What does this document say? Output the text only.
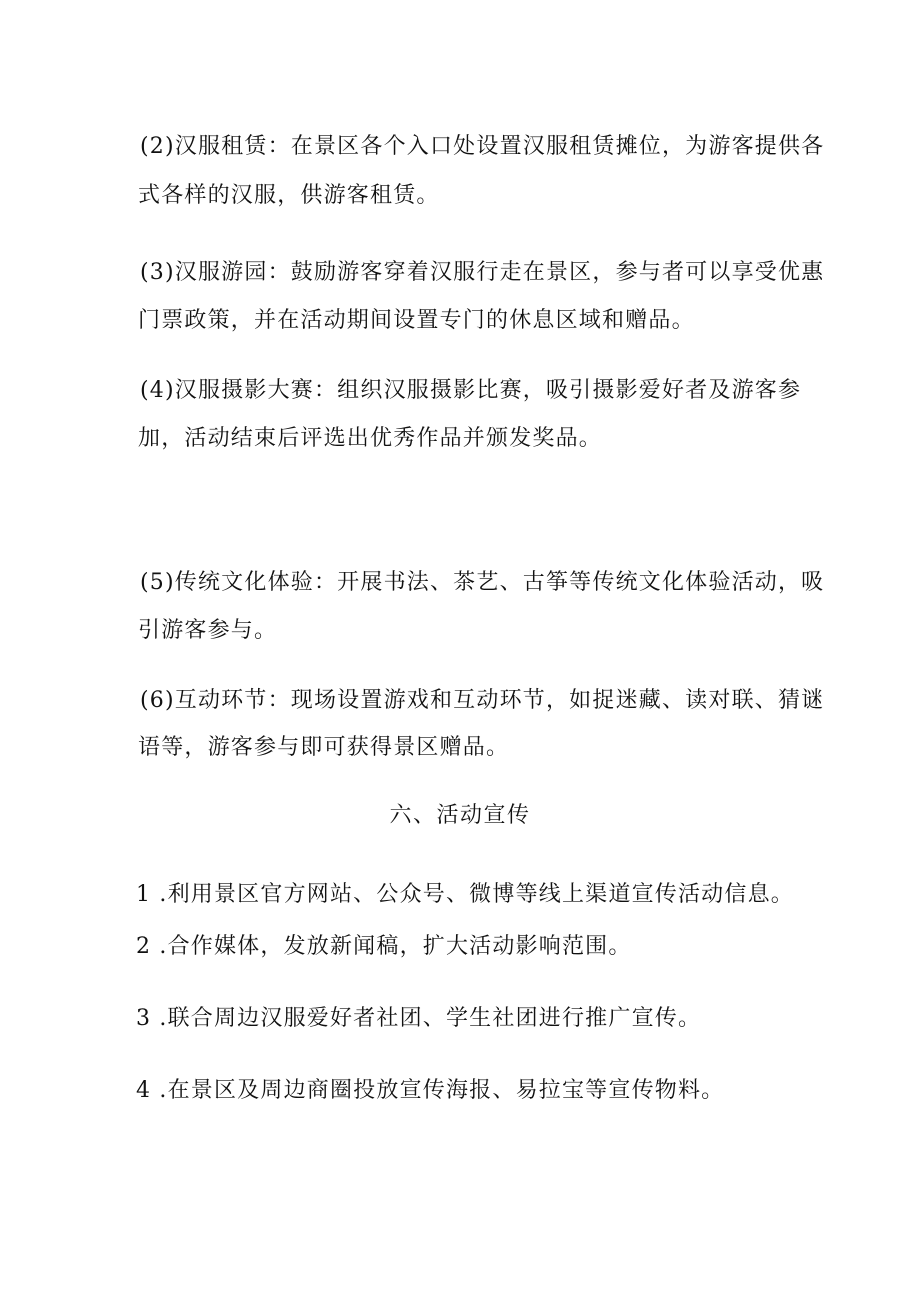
(2)汉服租赁：在景区各个入口处设置汉服租赁摊位，为游客提供各
式各样的汉服，供游客租赁。
(3)汉服游园：鼓励游客穿着汉服行走在景区，参与者可以享受优惠
门票政策，并在活动期间设置专门的休息区域和赠品。
(4)汉服摄影大赛：组织汉服摄影比赛，吸引摄影爱好者及游客参
加，活动结束后评选出优秀作品并颁发奖品。
(5)传统文化体验：开展书法、茶艺、古筝等传统文化体验活动，吸
引游客参与。
(6)互动环节：现场设置游戏和互动环节，如捉迷藏、读对联、猜谜
语等，游客参与即可获得景区赠品。
六、活动宣传
1 .利用景区官方网站、公众号、微博等线上渠道宣传活动信息。
2 .合作媒体，发放新闻稿，扩大活动影响范围。
3 .联合周边汉服爱好者社团、学生社团进行推广宣传。
4 .在景区及周边商圈投放宣传海报、易拉宝等宣传物料。
